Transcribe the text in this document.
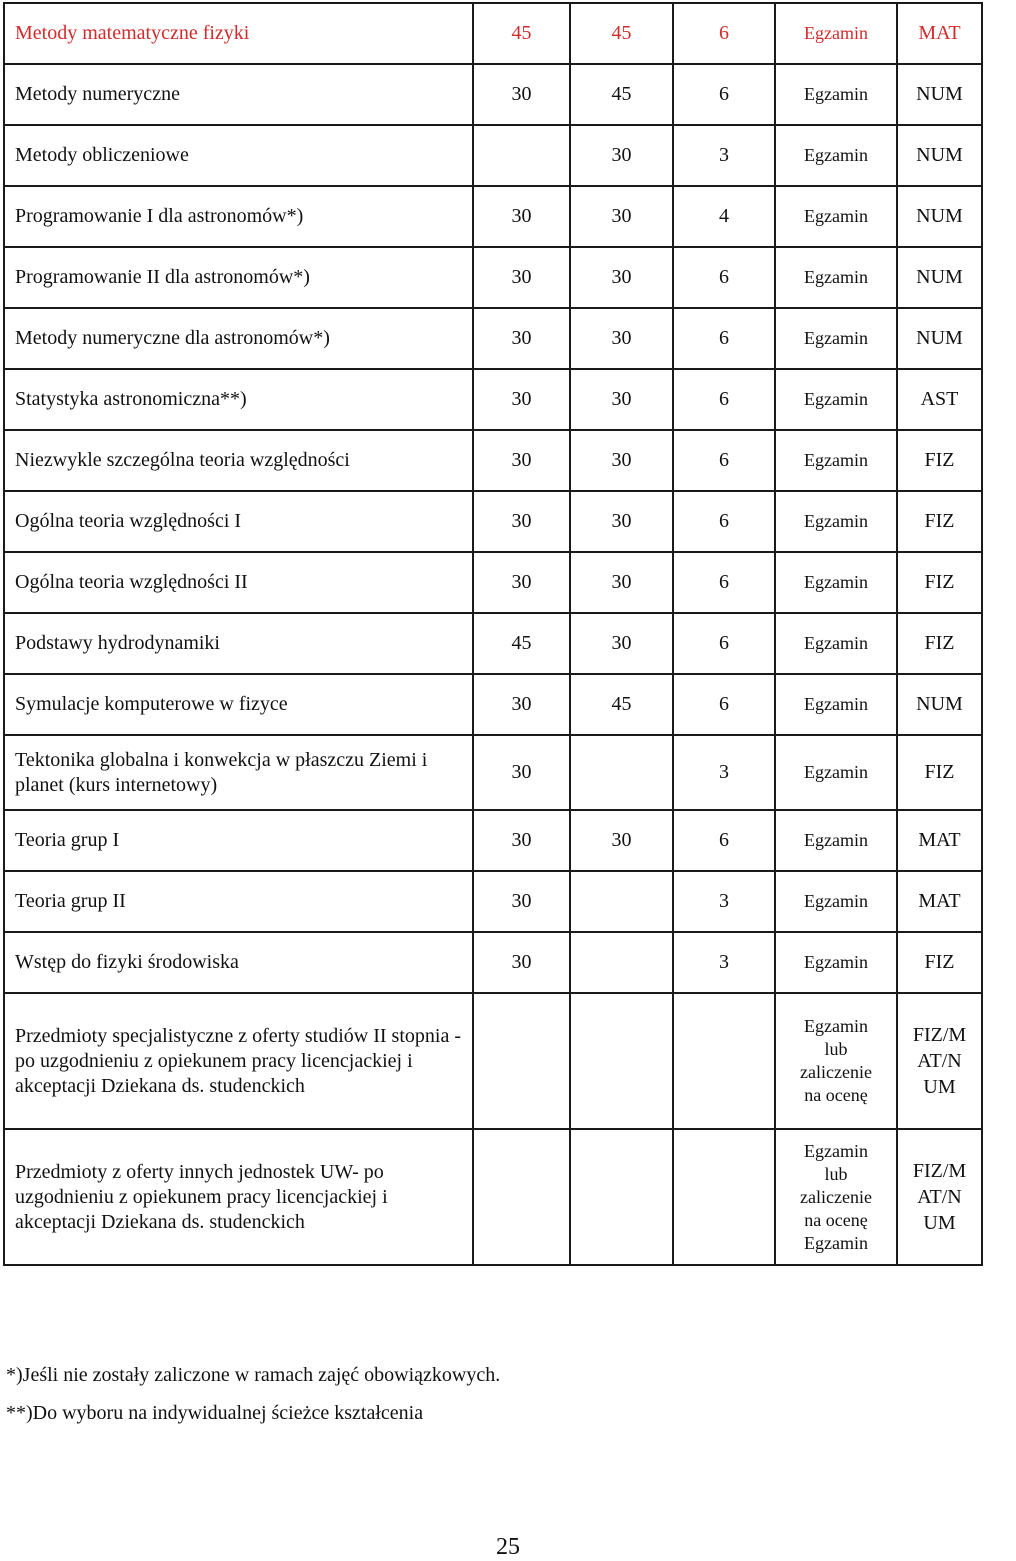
Metody matematyczne fizyki	45	45	6	Egzamin	MAT
Metody numeryczne	30	45	6	Egzamin	NUM
Metody obliczeniowe		30	3	Egzamin	NUM
Programowanie I dla astronomów*)	30	30	4	Egzamin	NUM
Programowanie II dla astronomów*)	30	30	6	Egzamin	NUM
Metody numeryczne dla astronomów*)	30	30	6	Egzamin	NUM
Statystyka astronomiczna**)	30	30	6	Egzamin	AST
Niezwykle szczególna teoria względności	30	30	6	Egzamin	FIZ
Ogólna teoria względności I	30	30	6	Egzamin	FIZ
Ogólna teoria względności II	30	30	6	Egzamin	FIZ
Podstawy hydrodynamiki	45	30	6	Egzamin	FIZ
Symulacje komputerowe w fizyce	30	45	6	Egzamin	NUM
Tektonika globalna i konwekcja w płaszczu Ziemi i planet (kurs internetowy)	30		3	Egzamin	FIZ
Teoria grup I	30	30	6	Egzamin	MAT
Teoria grup II	30		3	Egzamin	MAT
Wstęp do fizyki środowiska	30		3	Egzamin	FIZ
Przedmioty specjalistyczne z oferty studiów II stopnia - po uzgodnieniu z opiekunem pracy licencjackiej i akceptacji Dziekana ds. studenckich				Egzamin
lub
zaliczenie
na ocenę	FIZ/M
AT/N
UM
Przedmioty z oferty innych jednostek UW- po uzgodnieniu z opiekunem pracy licencjackiej i akceptacji Dziekana ds. studenckich				Egzamin
lub
zaliczenie
na ocenę
Egzamin	FIZ/M
AT/N
UM
*)Jeśli nie zostały zaliczone w ramach zajęć obowiązkowych.
**)Do wyboru na indywidualnej ścieżce kształcenia
25
